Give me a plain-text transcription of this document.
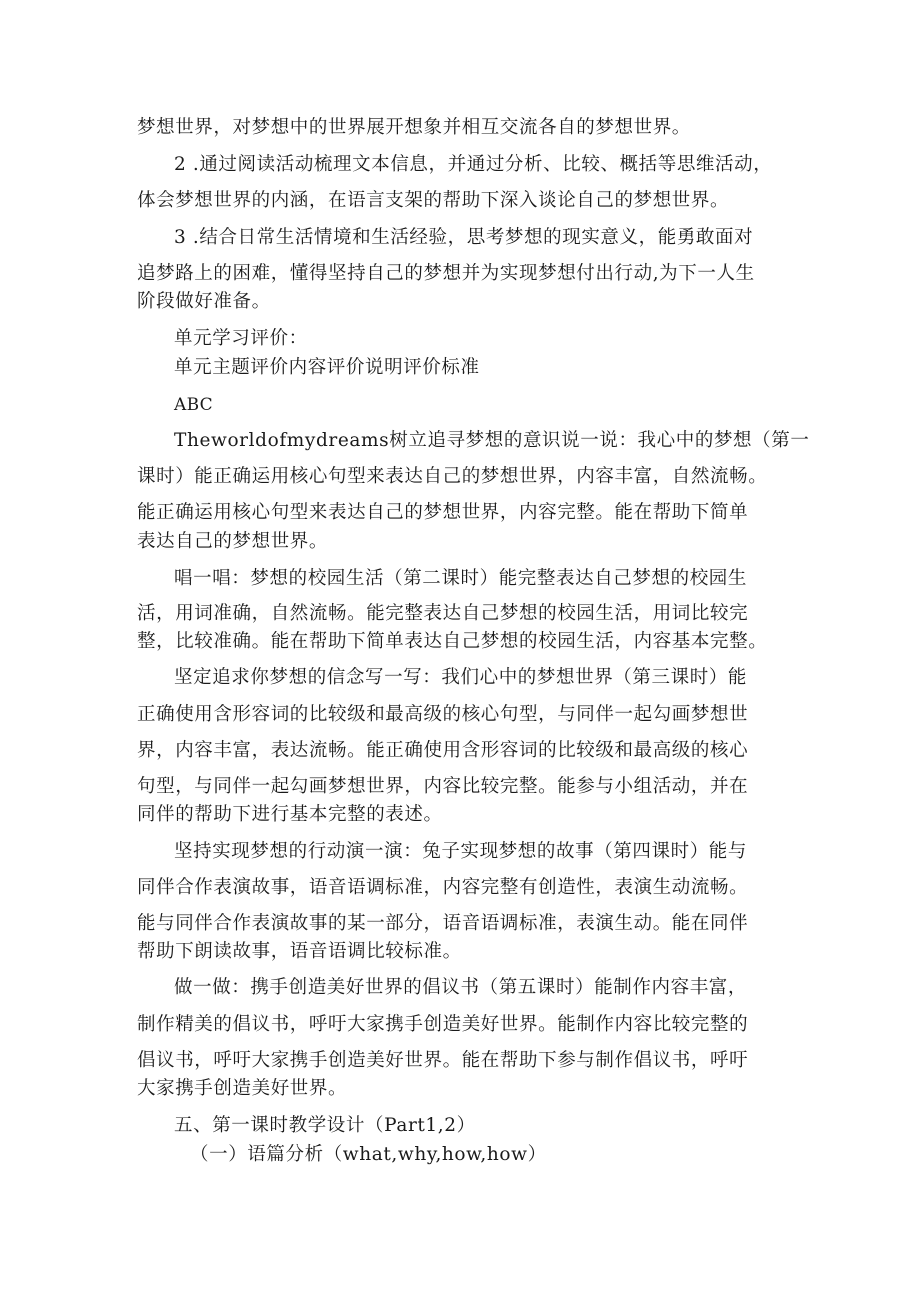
梦想世界，对梦想中的世界展开想象并相互交流各自的梦想世界。
2 .通过阅读活动梳理文本信息，并通过分析、比较、概括等思维活动，
体会梦想世界的内涵，在语言支架的帮助下深入谈论自己的梦想世界。
3 .结合日常生活情境和生活经验，思考梦想的现实意义，能勇敢面对
追梦路上的困难，懂得坚持自己的梦想并为实现梦想付出行动,为下一人生
阶段做好准备。
单元学习评价：
单元主题评价内容评价说明评价标准
ABC
Theworldofmydreams树立追寻梦想的意识说一说：我心中的梦想（第一
课时）能正确运用核心句型来表达自己的梦想世界，内容丰富，自然流畅。
能正确运用核心句型来表达自己的梦想世界，内容完整。能在帮助下简单
表达自己的梦想世界。
唱一唱：梦想的校园生活（第二课时）能完整表达自己梦想的校园生
活，用词准确，自然流畅。能完整表达自己梦想的校园生活，用词比较完
整，比较准确。能在帮助下简单表达自己梦想的校园生活，内容基本完整。
坚定追求你梦想的信念写一写：我们心中的梦想世界（第三课时）能
正确使用含形容词的比较级和最高级的核心句型，与同伴一起勾画梦想世
界，内容丰富，表达流畅。能正确使用含形容词的比较级和最高级的核心
句型，与同伴一起勾画梦想世界，内容比较完整。能参与小组活动，并在
同伴的帮助下进行基本完整的表述。
坚持实现梦想的行动演一演：兔子实现梦想的故事（第四课时）能与
同伴合作表演故事，语音语调标准，内容完整有创造性，表演生动流畅。
能与同伴合作表演故事的某一部分，语音语调标准，表演生动。能在同伴
帮助下朗读故事，语音语调比较标准。
做一做：携手创造美好世界的倡议书（第五课时）能制作内容丰富，
制作精美的倡议书，呼吁大家携手创造美好世界。能制作内容比较完整的
倡议书，呼吁大家携手创造美好世界。能在帮助下参与制作倡议书，呼吁
大家携手创造美好世界。
五、第一课时教学设计（Part1,2）
（一）语篇分析（what,why,how,how）
